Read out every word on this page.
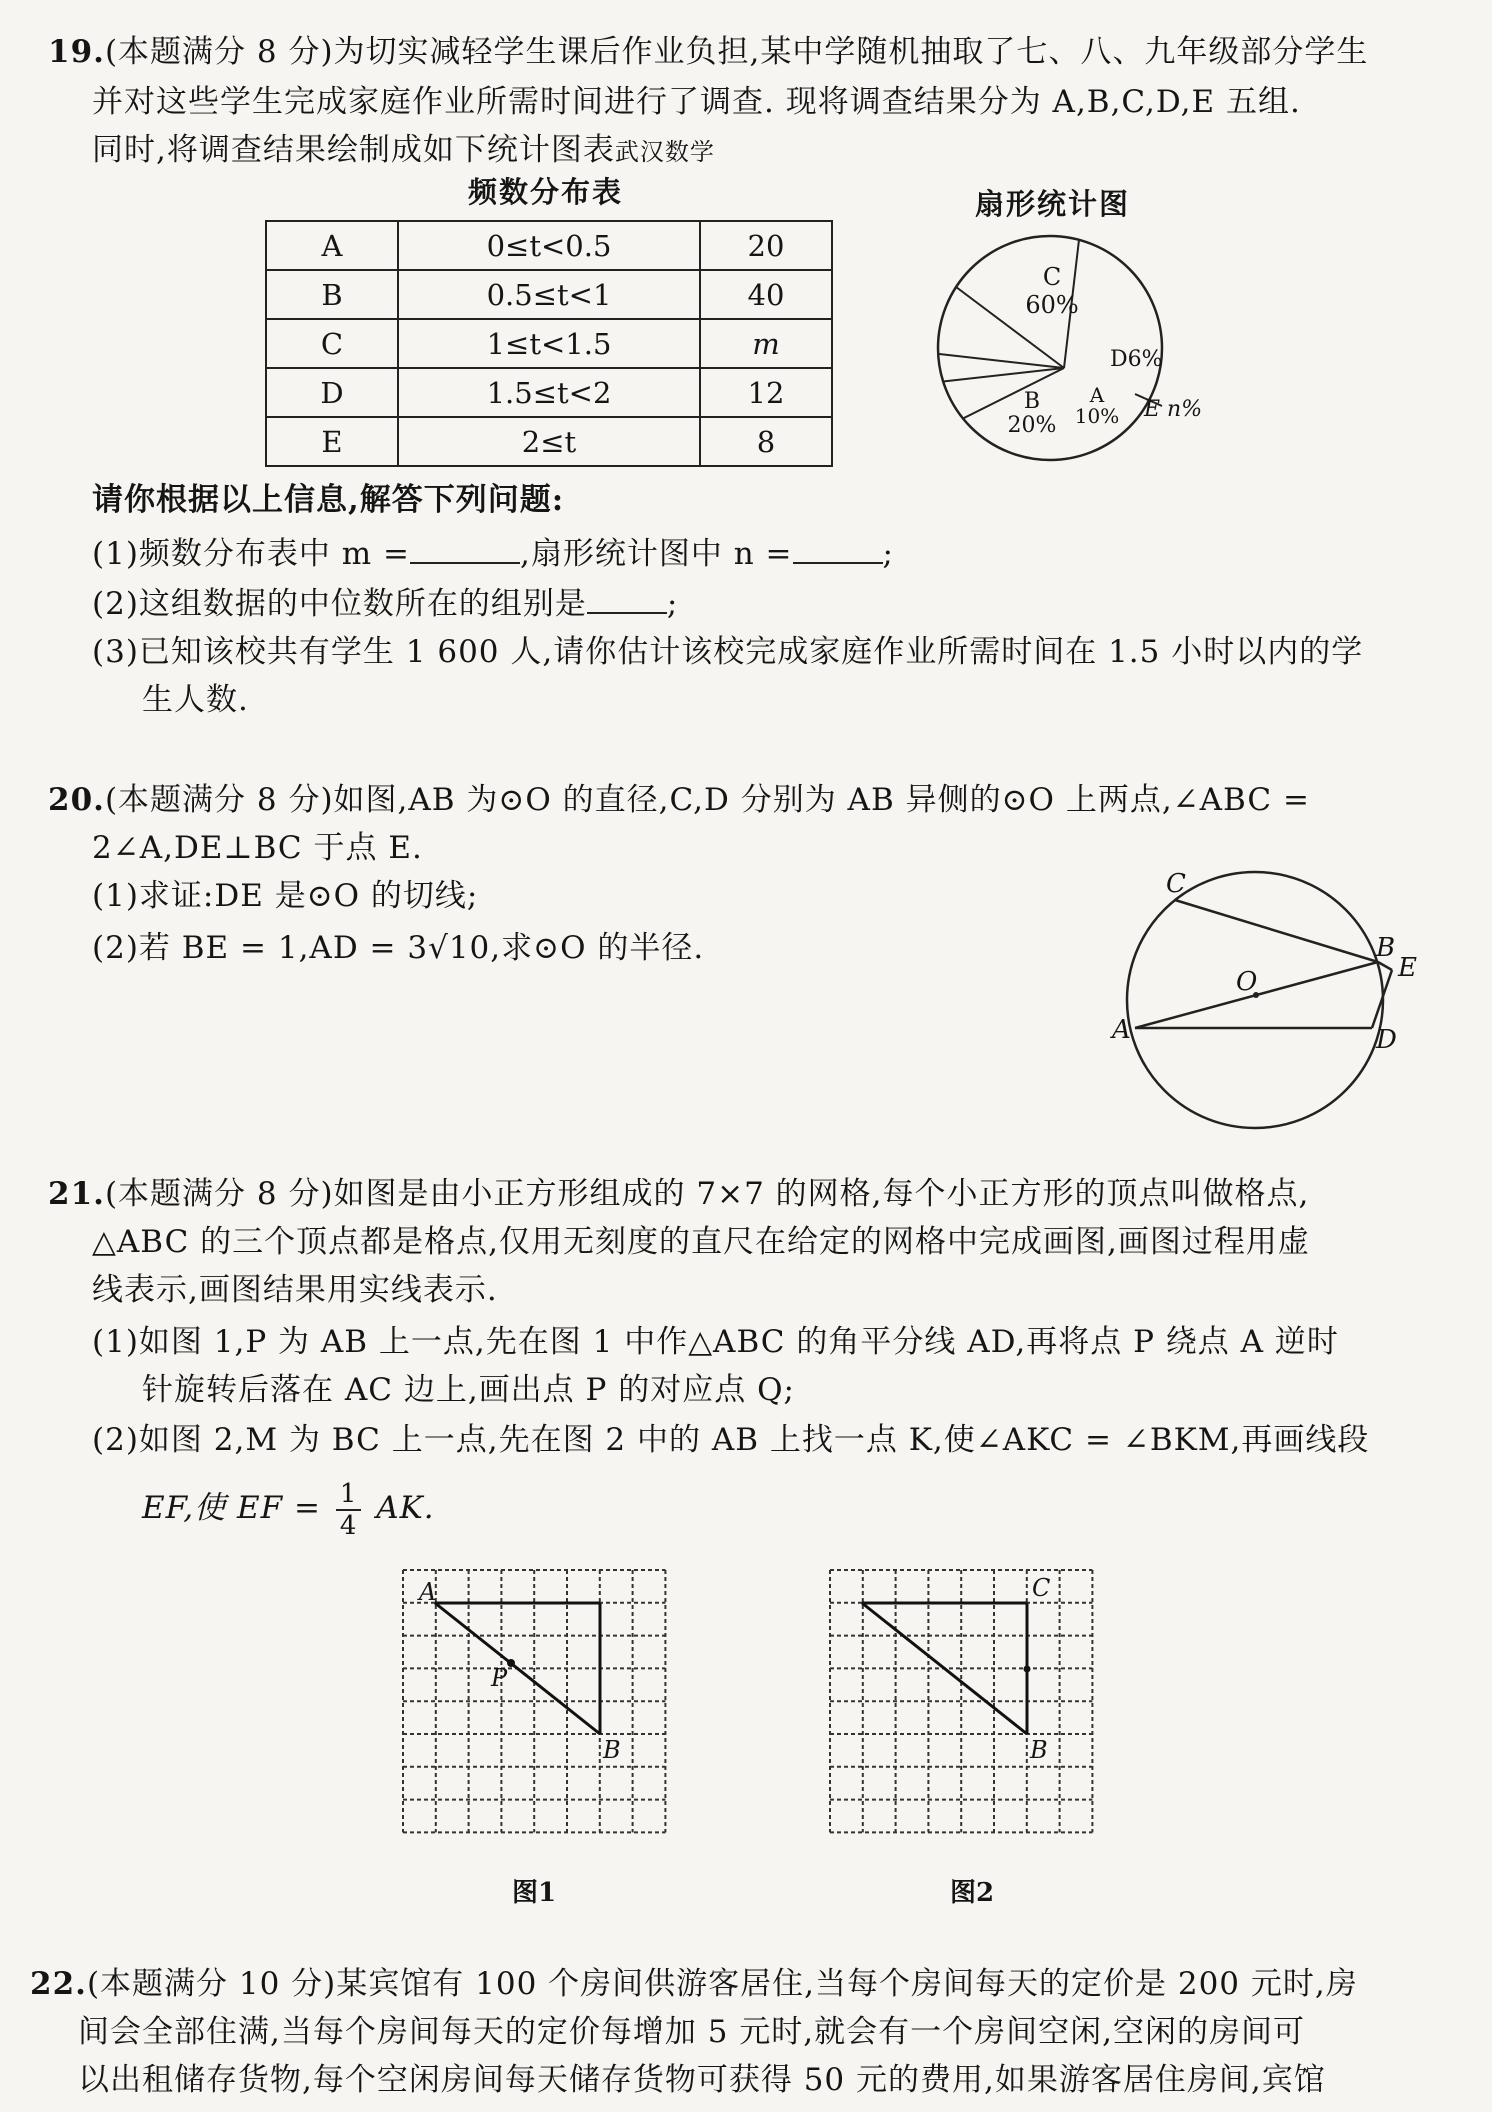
19.(本题满分 8 分)为切实减轻学生课后作业负担,某中学随机抽取了七、八、九年级部分学生
并对这些学生完成家庭作业所需时间进行了调查. 现将调查结果分为 A,B,C,D,E 五组.
同时,将调查结果绘制成如下统计图表武汉数学
频数分布表
A	0≤t<0.5	20
B	0.5≤t<1	40
C	1≤t<1.5	m
D	1.5≤t<2	12
E	2≤t	8
扇形统计图
C
60%
B
20%
A
10%
D6%
E n%
请你根据以上信息,解答下列问题:
(1)频数分布表中 m =	,扇形统计图中 n =	;
(2)这组数据的中位数所在的组别是	;
(3)已知该校共有学生 1 600 人,请你估计该校完成家庭作业所需时间在 1.5 小时以内的学
生人数.
20.(本题满分 8 分)如图,AB 为⊙O 的直径,C,D 分别为 AB 异侧的⊙O 上两点,∠ABC =
2∠A,DE⊥BC 于点 E.
(1)求证:DE 是⊙O 的切线;
(2)若 BE = 1,AD = 3√10,求⊙O 的半径.
C
O
B
E
A	D
21.(本题满分 8 分)如图是由小正方形组成的 7×7 的网格,每个小正方形的顶点叫做格点,
△ABC 的三个顶点都是格点,仅用无刻度的直尺在给定的网格中完成画图,画图过程用虚
线表示,画图结果用实线表示.
(1)如图 1,P 为 AB 上一点,先在图 1 中作△ABC 的角平分线 AD,再将点 P 绕点 A 逆时
针旋转后落在 AC 边上,画出点 P 的对应点 Q;
(2)如图 2,M 为 BC 上一点,先在图 2 中的 AB 上找一点 K,使∠AKC = ∠BKM,再画线段
EF,使 EF = $\frac{1}{4}$ AK.
A
P
B
图1
C
B
图2
22.(本题满分 10 分)某宾馆有 100 个房间供游客居住,当每个房间每天的定价是 200 元时,房
间会全部住满,当每个房间每天的定价每增加 5 元时,就会有一个房间空闲,空闲的房间可
以出租储存货物,每个空闲房间每天储存货物可获得 50 元的费用,如果游客居住房间,宾馆
